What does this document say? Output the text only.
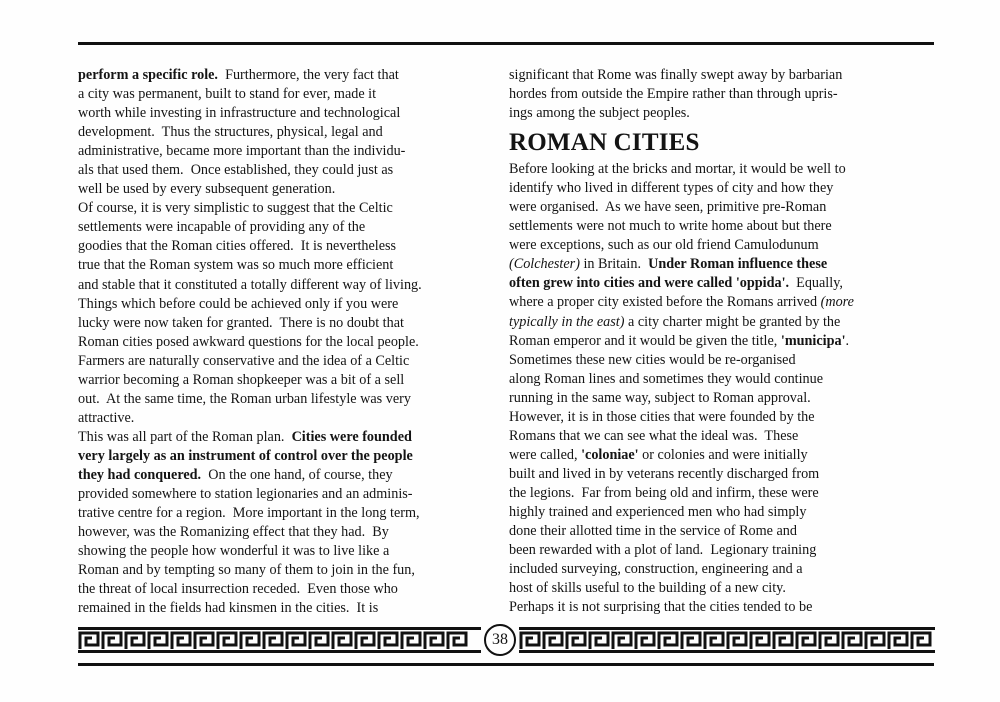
perform a specific role.  Furthermore, the very fact that
a city was permanent, built to stand for ever, made it
worth while investing in infrastructure and technological
development.  Thus the structures, physical, legal and
administrative, became more important than the individu-
als that used them.  Once established, they could just as
well be used by every subsequent generation.
Of course, it is very simplistic to suggest that the Celtic
settlements were incapable of providing any of the
goodies that the Roman cities offered.  It is nevertheless
true that the Roman system was so much more efficient
and stable that it constituted a totally different way of living.
Things which before could be achieved only if you were
lucky were now taken for granted.  There is no doubt that
Roman cities posed awkward questions for the local people.
Farmers are naturally conservative and the idea of a Celtic
warrior becoming a Roman shopkeeper was a bit of a sell
out.  At the same time, the Roman urban lifestyle was very
attractive.
This was all part of the Roman plan.  Cities were founded
very largely as an instrument of control over the people
they had conquered.  On the one hand, of course, they
provided somewhere to station legionaries and an adminis-
trative centre for a region.  More important in the long term,
however, was the Romanizing effect that they had.  By
showing the people how wonderful it was to live like a
Roman and by tempting so many of them to join in the fun,
the threat of local insurrection receded.  Even those who
remained in the fields had kinsmen in the cities.  It is
significant that Rome was finally swept away by barbarian
hordes from outside the Empire rather than through upris-
ings among the subject peoples.
ROMAN CITIES
Before looking at the bricks and mortar, it would be well to
identify who lived in different types of city and how they
were organised.  As we have seen, primitive pre-Roman
settlements were not much to write home about but there
were exceptions, such as our old friend Camulodunum
(Colchester) in Britain.  Under Roman influence these
often grew into cities and were called 'oppida'.  Equally,
where a proper city existed before the Romans arrived (more
typically in the east) a city charter might be granted by the
Roman emperor and it would be given the title, 'municipa'.
Sometimes these new cities would be re-organised
along Roman lines and sometimes they would continue
running in the same way, subject to Roman approval.
However, it is in those cities that were founded by the
Romans that we can see what the ideal was.  These
were called, 'coloniae' or colonies and were initially
built and lived in by veterans recently discharged from
the legions.  Far from being old and infirm, these were
highly trained and experienced men who had simply
done their allotted time in the service of Rome and
been rewarded with a plot of land.  Legionary training
included surveying, construction, engineering and a
host of skills useful to the building of a new city.
Perhaps it is not surprising that the cities tended to be
38
